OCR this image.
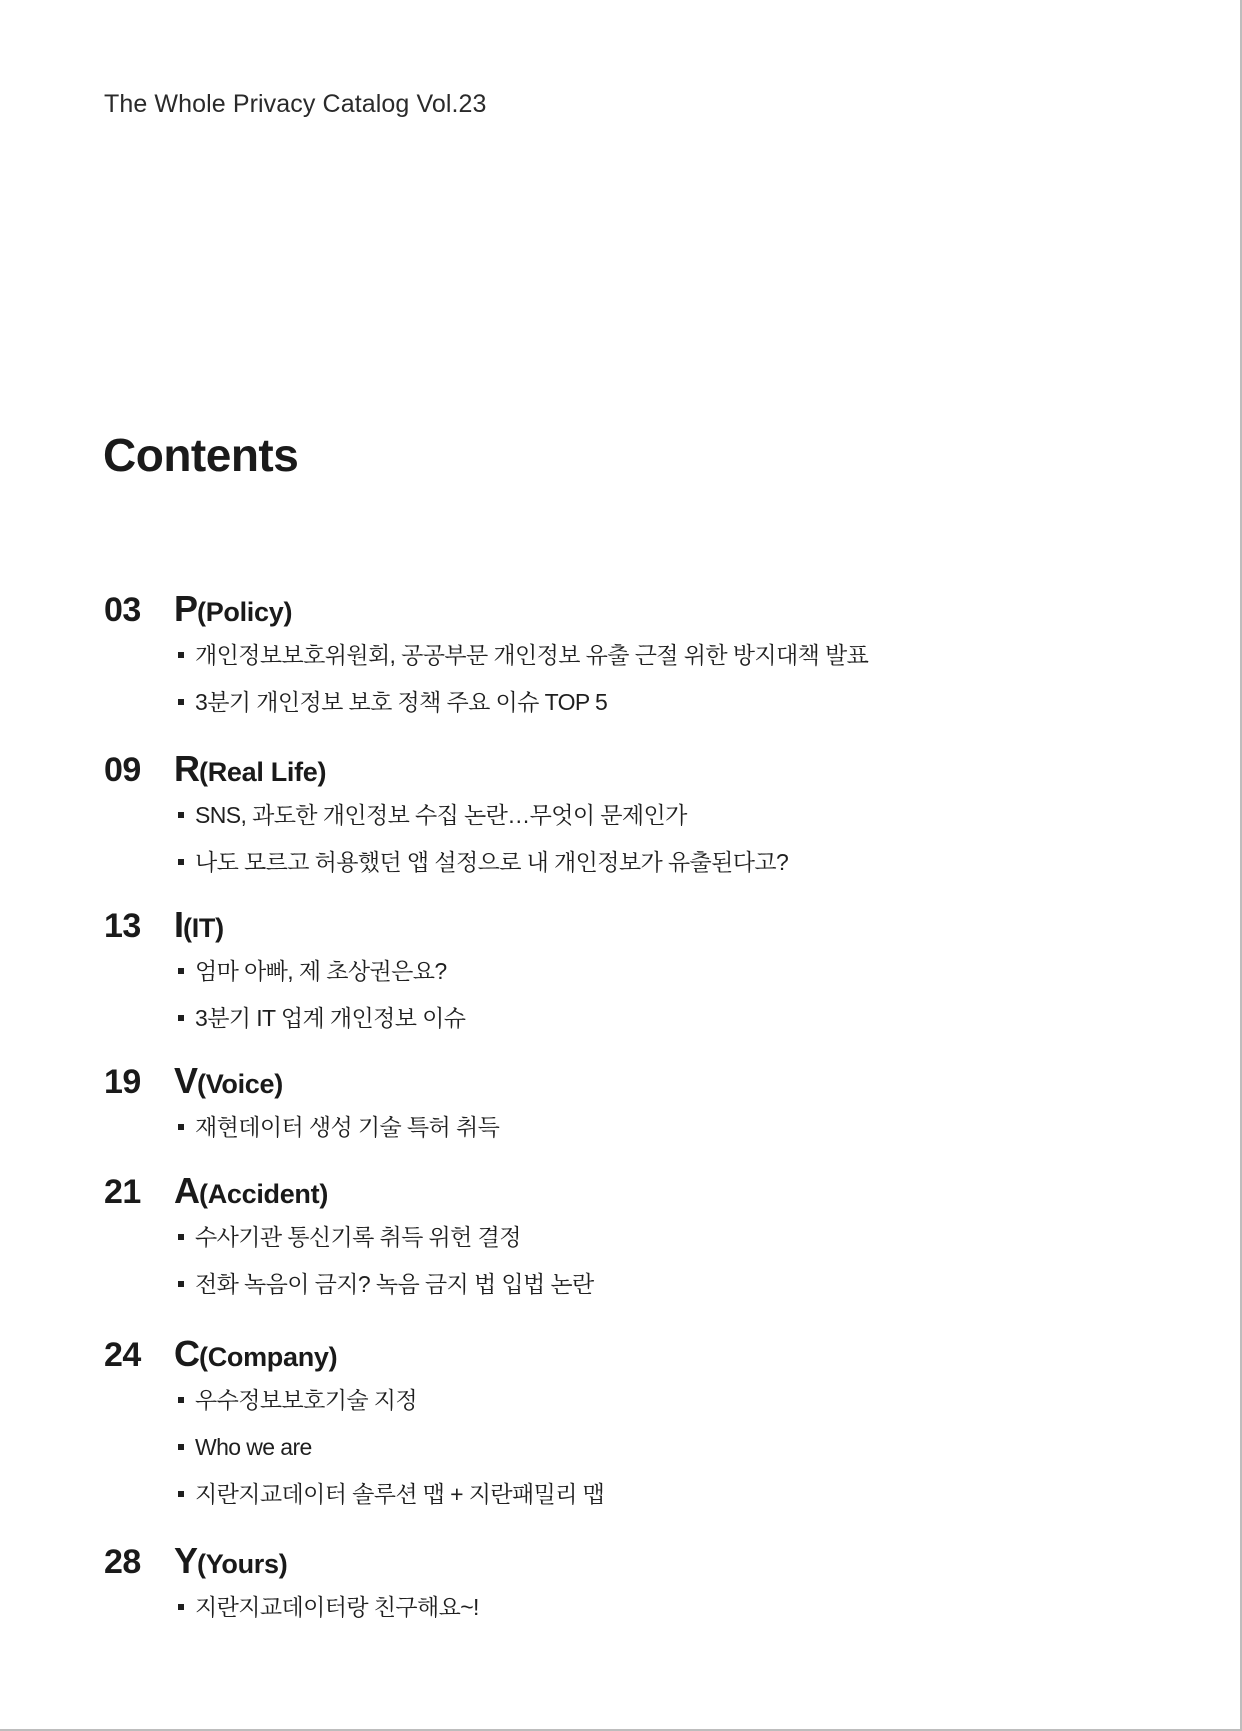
The Whole Privacy Catalog Vol.23
Contents
03 P (Policy)
개인정보보호위원회, 공공부문 개인정보 유출 근절 위한 방지대책 발표
3분기 개인정보 보호 정책 주요 이슈 TOP 5
09 R (Real Life)
SNS, 과도한 개인정보 수집 논란…무엇이 문제인가
나도 모르고 허용했던 앱 설정으로 내 개인정보가 유출된다고?
13 I (IT)
엄마 아빠, 제 초상권은요?
3분기 IT 업계 개인정보 이슈
19 V (Voice)
재현데이터 생성 기술 특허 취득
21 A (Accident)
수사기관 통신기록 취득 위헌 결정
전화 녹음이 금지? 녹음 금지 법 입법 논란
24 C (Company)
우수정보보호기술 지정
Who we are
지란지교데이터 솔루션 맵 + 지란패밀리 맵
28 Y (Yours)
지란지교데이터랑 친구해요~!
